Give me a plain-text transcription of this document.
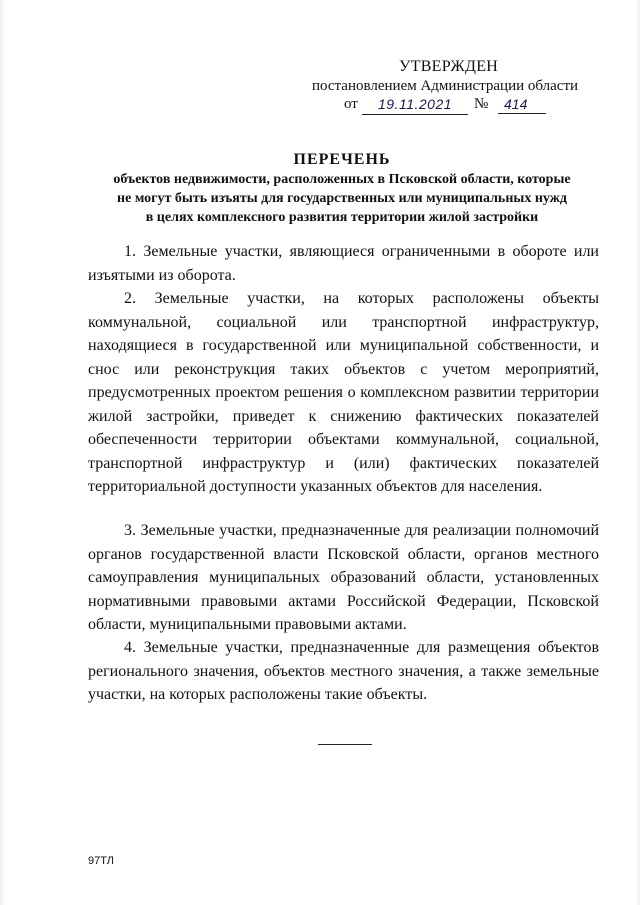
УТВЕРЖДЕН
постановлением Администрации области
от	19.11.2021	№	414
ПЕРЕЧЕНЬ
объектов недвижимости, расположенных в Псковской области, которые
не могут быть изъяты для государственных или муниципальных нужд
в целях комплексного развития территории жилой застройки

1. Земельные участки, являющиеся ограниченными в обороте или изъятыми из оборота.

2. Земельные участки, на которых расположены объекты коммунальной, социальной или транспортной инфраструктур, находящиеся в государственной или муниципальной собственности, и снос или реконструкция таких объектов с учетом мероприятий, предусмотренных проектом решения о комплексном развитии территории жилой застройки, приведет к снижению фактических показателей обеспеченности территории объектами коммунальной, социальной, транспортной инфраструктур и (или) фактических показателей территориальной доступности указанных объектов для населения.

3. Земельные участки, предназначенные для реализации полномочий органов государственной власти Псковской области, органов местного самоуправления муниципальных образований области, установленных нормативными правовыми актами Российской Федерации, Псковской области, муниципальными правовыми актами.

4. Земельные участки, предназначенные для размещения объектов регионального значения, объектов местного значения, а также земельные участки, на которых расположены такие объекты.

97ТЛ
